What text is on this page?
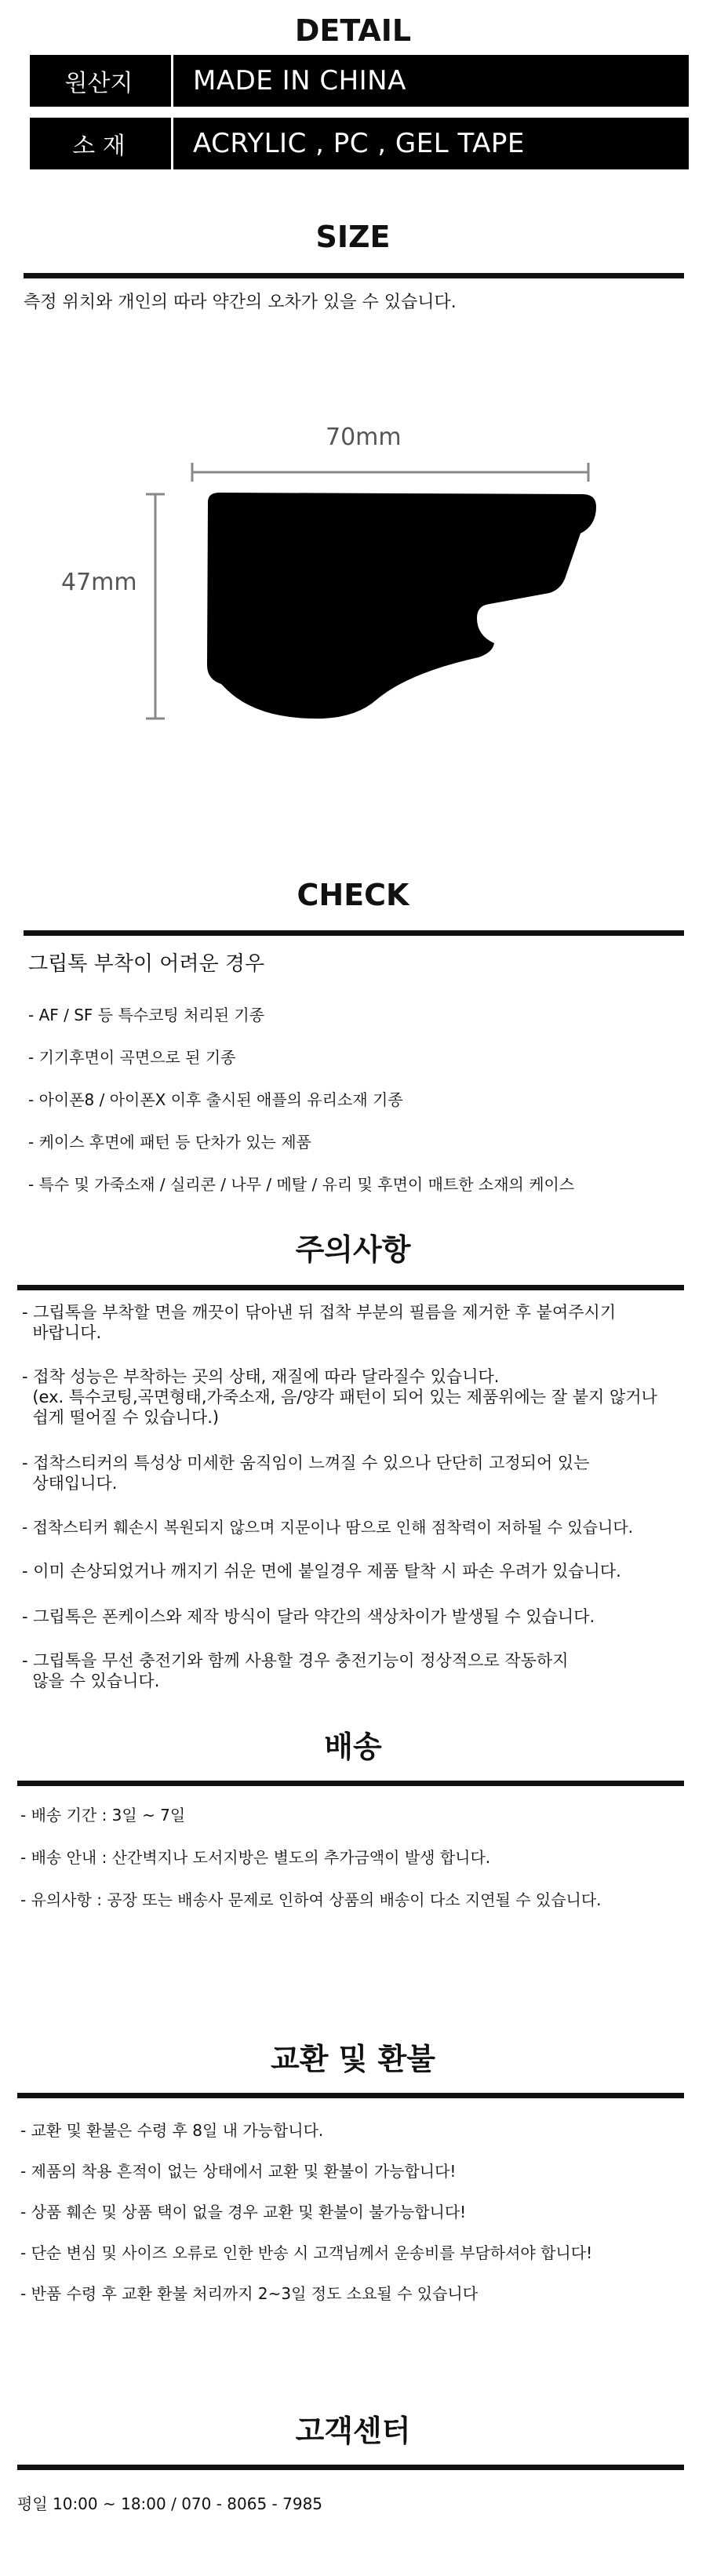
DETAIL
원산지	MADE IN CHINA
소 재	ACRYLIC , PC , GEL TAPE
SIZE
측정 위치와 개인의 따라 약간의 오차가 있을 수 있습니다.
70mm
47mm
CHECK
그립톡 부착이 어려운 경우
- AF / SF 등 특수코팅 처리된 기종
- 기기후면이 곡면으로 된 기종
- 아이폰8 / 아이폰X 이후 출시된 애플의 유리소재 기종
- 케이스 후면에 패턴 등 단차가 있는 제품
- 특수 및 가죽소재 / 실리콘 / 나무 / 메탈 / 유리 및 후면이 매트한 소재의 케이스
주의사항
- 그립톡을 부착할 면을 깨끗이 닦아낸 뒤 접착 부분의 필름을 제거한 후 붙여주시기
바랍니다.
- 접착 성능은 부착하는 곳의 상태, 재질에 따라 달라질수 있습니다.
(ex. 특수코팅,곡면형태,가죽소재, 음/양각 패턴이 되어 있는 제품위에는 잘 붙지 않거나
쉽게 떨어질 수 있습니다.)
- 접착스티커의 특성상 미세한 움직임이 느껴질 수 있으나 단단히 고정되어 있는
상태입니다.
- 접착스티커 훼손시 복원되지 않으며 지문이나 땀으로 인해 점착력이 저하될 수 있습니다.
- 이미 손상되었거나 깨지기 쉬운 면에 붙일경우 제품 탈착 시 파손 우려가 있습니다.
- 그립톡은 폰케이스와 제작 방식이 달라 약간의 색상차이가 발생될 수 있습니다.
- 그립톡을 무선 충전기와 함께 사용할 경우 충전기능이 정상적으로 작동하지
않을 수 있습니다.
배송
- 배송 기간 : 3일 ~ 7일
- 배송 안내 : 산간벽지나 도서지방은 별도의 추가금액이 발생 합니다.
- 유의사항 : 공장 또는 배송사 문제로 인하여 상품의 배송이 다소 지연될 수 있습니다.
교환 및 환불
- 교환 및 환불은 수령 후 8일 내 가능합니다.
- 제품의 착용 흔적이 없는 상태에서 교환 및 환불이 가능합니다!
- 상품 훼손 및 상품 택이 없을 경우 교환 및 환불이 불가능합니다!
- 단순 변심 및 사이즈 오류로 인한 반송 시 고객님께서 운송비를 부담하셔야 합니다!
- 반품 수령 후 교환 환불 처리까지 2~3일 정도 소요될 수 있습니다
고객센터
평일 10:00 ~ 18:00 / 070 - 8065 - 7985
